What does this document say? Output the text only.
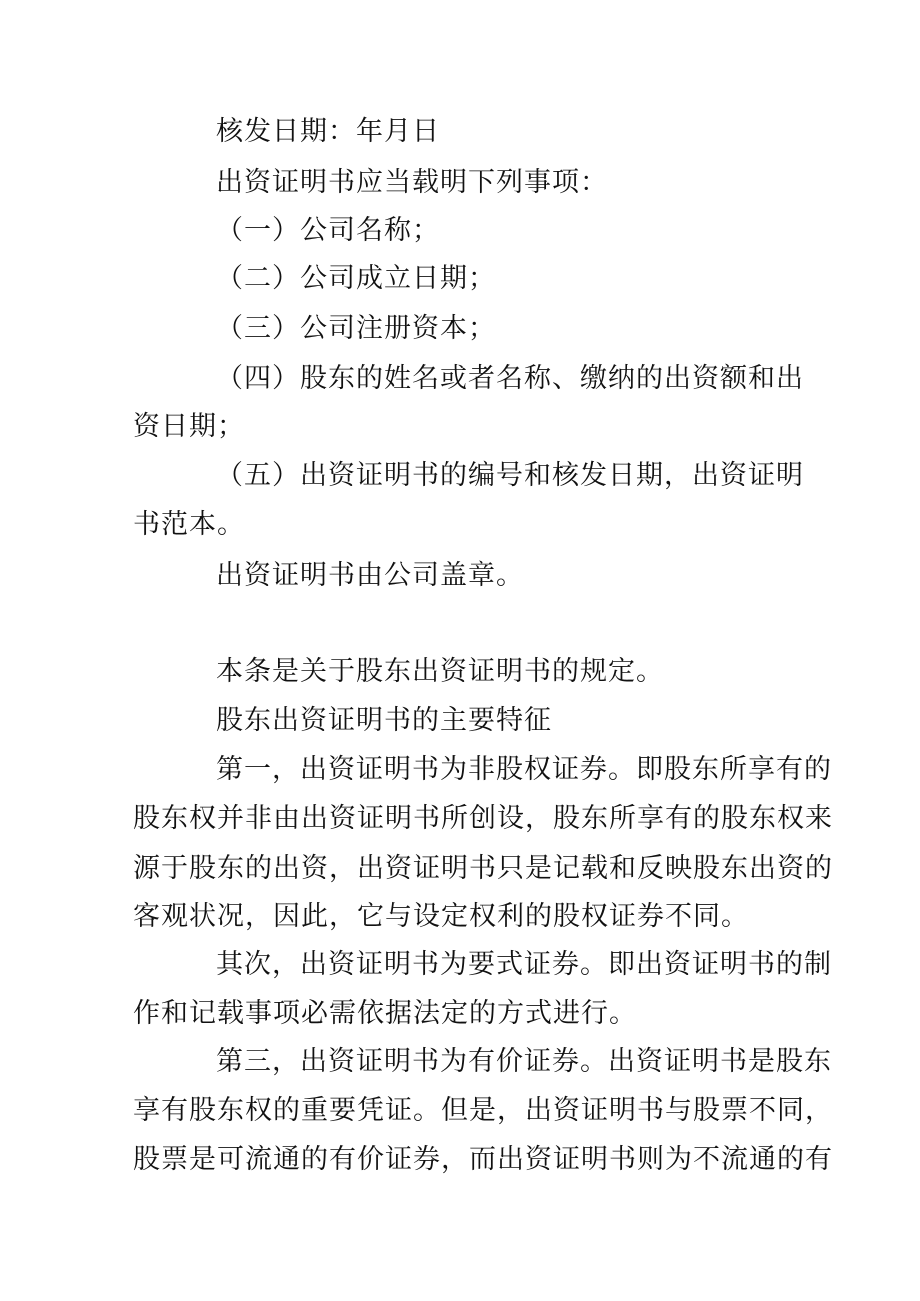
核发日期：年月日
出资证明书应当载明下列事项：
（一）公司名称；
（二）公司成立日期；
（三）公司注册资本；
（四）股东的姓名或者名称、缴纳的出资额和出
资日期；
（五）出资证明书的编号和核发日期，出资证明
书范本。
出资证明书由公司盖章。
本条是关于股东出资证明书的规定。
股东出资证明书的主要特征
第一，出资证明书为非股权证券。即股东所享有的
股东权并非由出资证明书所创设，股东所享有的股东权来
源于股东的出资，出资证明书只是记载和反映股东出资的
客观状况，因此，它与设定权利的股权证券不同。
其次，出资证明书为要式证券。即出资证明书的制
作和记载事项必需依据法定的方式进行。
第三，出资证明书为有价证券。出资证明书是股东
享有股东权的重要凭证。但是，出资证明书与股票不同，
股票是可流通的有价证券，而出资证明书则为不流通的有
